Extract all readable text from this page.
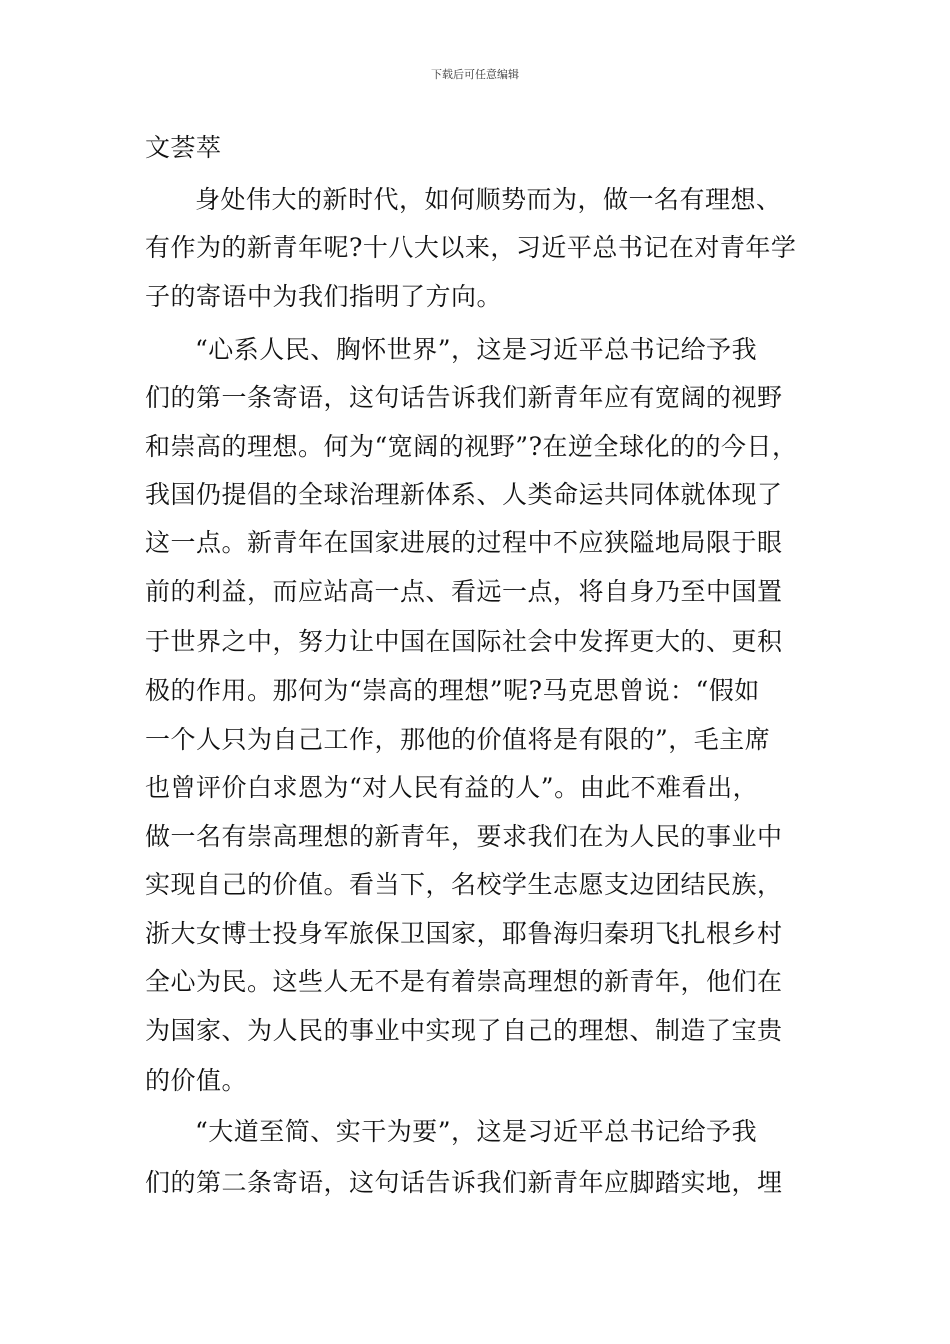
下载后可任意编辑

文荟萃

身处伟大的新时代，如何顺势而为，做一名有理想、

有作为的新青年呢?十八大以来，习近平总书记在对青年学

子的寄语中为我们指明了方向。

“心系人民、胸怀世界”，这是习近平总书记给予我

们的第一条寄语，这句话告诉我们新青年应有宽阔的视野

和崇高的理想。何为“宽阔的视野”?在逆全球化的的今日，

我国仍提倡的全球治理新体系、人类命运共同体就体现了

这一点。新青年在国家进展的过程中不应狭隘地局限于眼

前的利益，而应站高一点、看远一点，将自身乃至中国置

于世界之中，努力让中国在国际社会中发挥更大的、更积

极的作用。那何为“崇高的理想”呢?马克思曾说：“假如

一个人只为自己工作，那他的价值将是有限的”，毛主席

也曾评价白求恩为“对人民有益的人”。由此不难看出，

做一名有崇高理想的新青年，要求我们在为人民的事业中

实现自己的价值。看当下，名校学生志愿支边团结民族，

浙大女博士投身军旅保卫国家，耶鲁海归秦玥飞扎根乡村

全心为民。这些人无不是有着崇高理想的新青年，他们在

为国家、为人民的事业中实现了自己的理想、制造了宝贵

的价值。

“大道至简、实干为要”，这是习近平总书记给予我

们的第二条寄语，这句话告诉我们新青年应脚踏实地，埋
